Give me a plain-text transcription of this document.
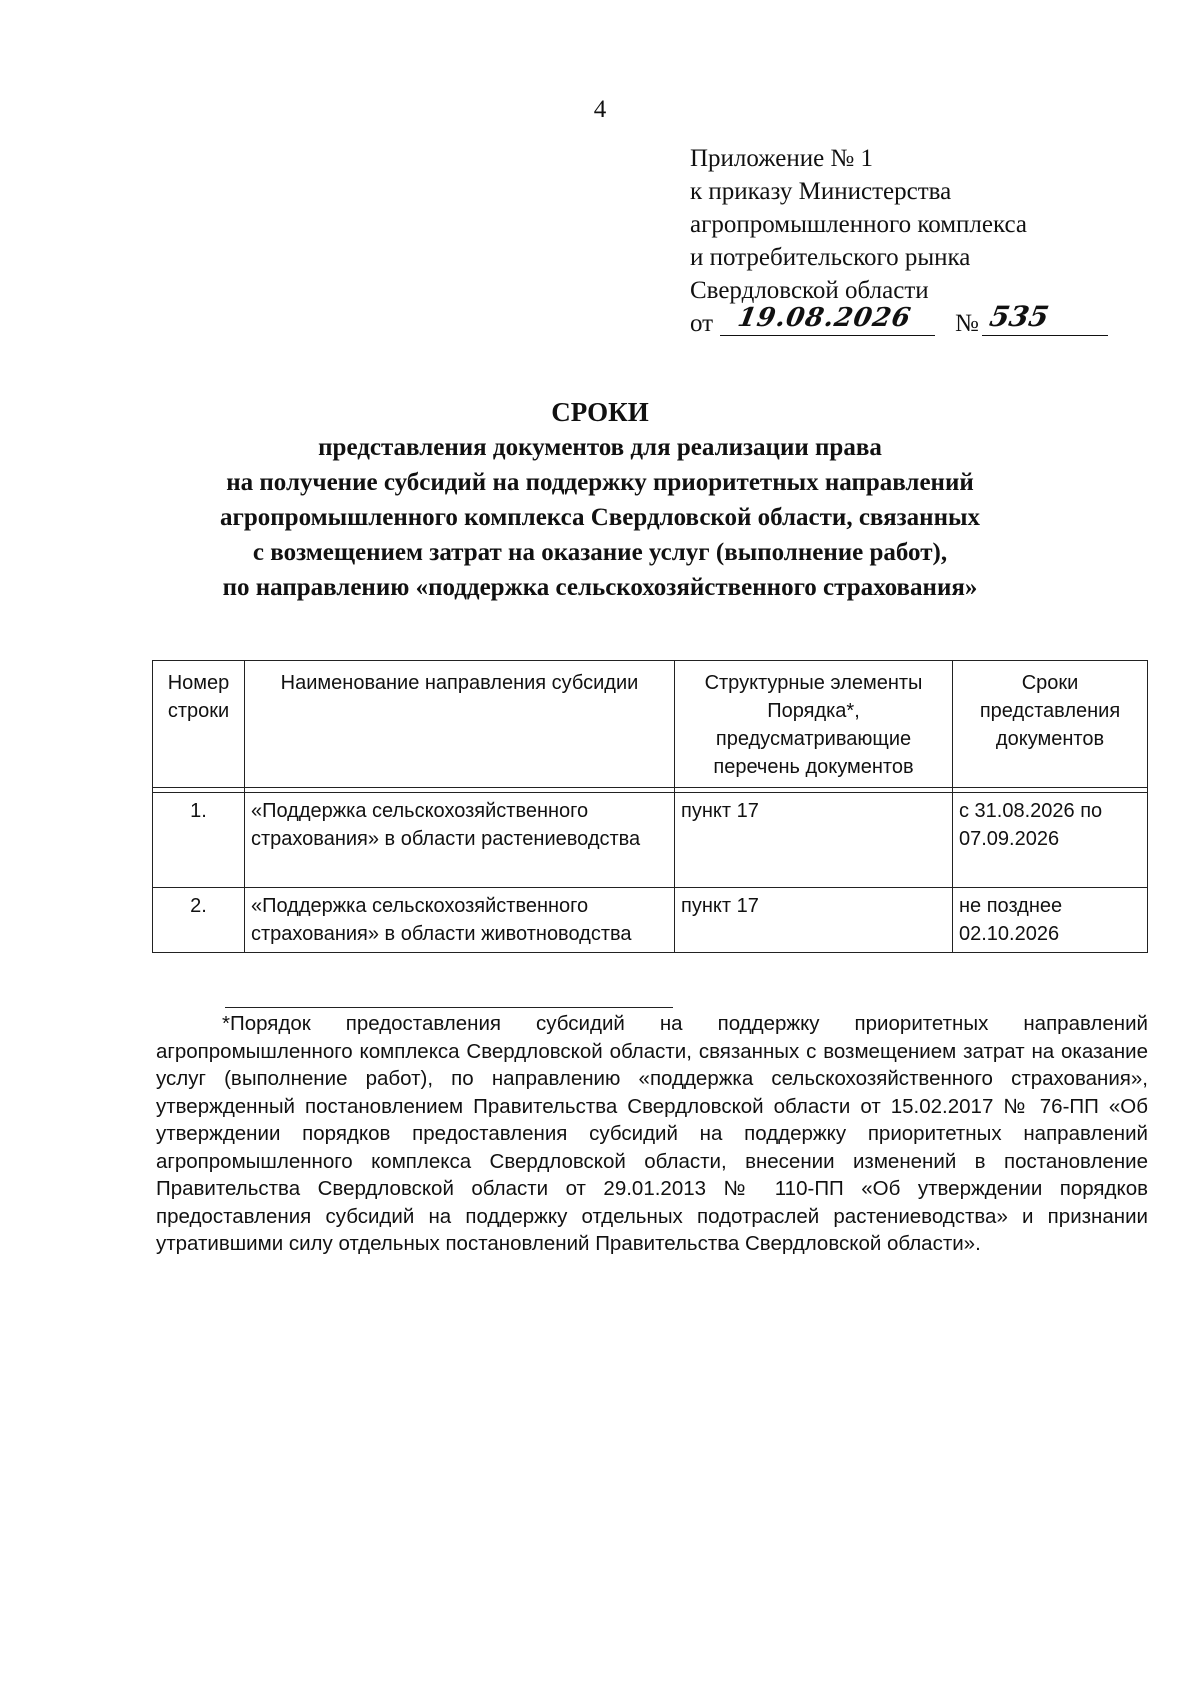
4
Приложение № 1
к приказу Министерства
агропромышленного комплекса
и потребительского рынка
Свердловской области
от 19.08.2026 № 535
СРОКИ
представления документов для реализации права
на получение субсидий на поддержку приоритетных направлений
агропромышленного комплекса Свердловской области, связанных
с возмещением затрат на оказание услуг (выполнение работ),
по направлению «поддержка сельскохозяйственного страхования»
Номер строки	Наименование направления субсидии	Структурные элементы Порядка*, предусматривающие перечень документов	Сроки представления документов

1.	«Поддержка сельскохозяйственного страхования» в области растениеводства	пункт 17	с 31.08.2026 по 07.09.2026
2.	«Поддержка сельскохозяйственного страхования» в области животноводства	пункт 17	не позднее 02.10.2026
*Порядок предоставления субсидий на поддержку приоритетных направлений агропромышленного комплекса Свердловской области, связанных с возмещением затрат на оказание услуг (выполнение работ), по направлению «поддержка сельскохозяйственного страхования», утвержденный постановлением Правительства Свердловской области от 15.02.2017 № 76-ПП «Об утверждении порядков предоставления субсидий на поддержку приоритетных направлений агропромышленного комплекса Свердловской области, внесении изменений в постановление Правительства Свердловской области от 29.01.2013 № 110-ПП «Об утверждении порядков предоставления субсидий на поддержку отдельных подотраслей растениеводства» и признании утратившими силу отдельных постановлений Правительства Свердловской области».
